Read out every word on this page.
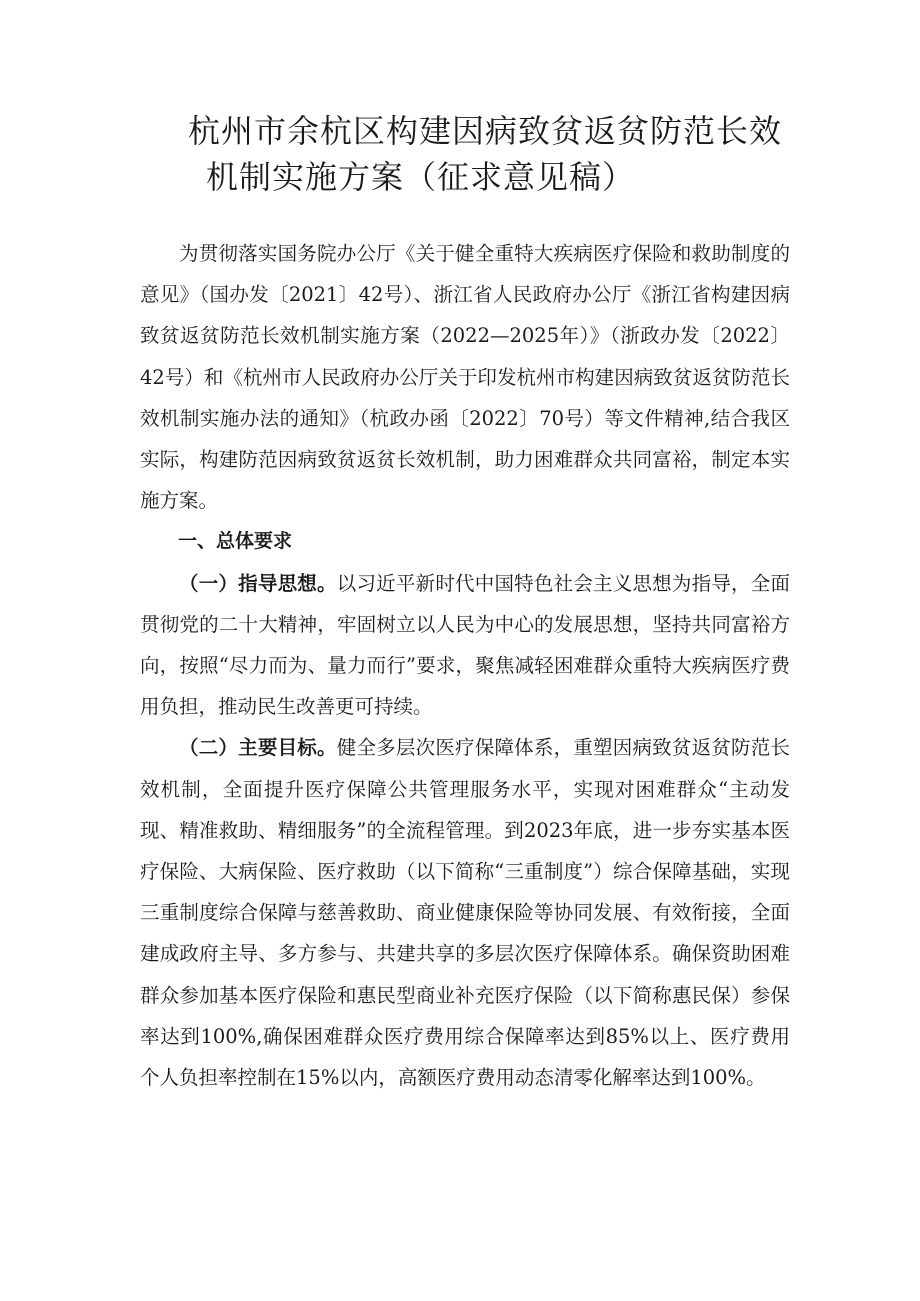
杭州市余杭区构建因病致贫返贫防范长效
机制实施方案（征求意见稿）

为贯彻落实国务院办公厅《关于健全重特大疾病医疗保险和救助制度的意见》（国办发〔2021〕42号）、浙江省人民政府办公厅《浙江省构建因病致贫返贫防范长效机制实施方案（2022—2025年）》（浙政办发〔2022〕42号）和《杭州市人民政府办公厅关于印发杭州市构建因病致贫返贫防范长效机制实施办法的通知》（杭政办函〔2022〕70号）等文件精神,结合我区实际，构建防范因病致贫返贫长效机制，助力困难群众共同富裕，制定本实施方案。

一、总体要求

（一）指导思想。以习近平新时代中国特色社会主义思想为指导，全面贯彻党的二十大精神，牢固树立以人民为中心的发展思想，坚持共同富裕方向，按照“尽力而为、量力而行”要求，聚焦减轻困难群众重特大疾病医疗费用负担，推动民生改善更可持续。

（二）主要目标。健全多层次医疗保障体系，重塑因病致贫返贫防范长效机制，全面提升医疗保障公共管理服务水平，实现对困难群众“主动发现、精准救助、精细服务”的全流程管理。到2023年底，进一步夯实基本医疗保险、大病保险、医疗救助（以下简称“三重制度”）综合保障基础，实现三重制度综合保障与慈善救助、商业健康保险等协同发展、有效衔接，全面建成政府主导、多方参与、共建共享的多层次医疗保障体系。确保资助困难群众参加基本医疗保险和惠民型商业补充医疗保险（以下简称惠民保）参保率达到100%,确保困难群众医疗费用综合保障率达到85%以上、医疗费用个人负担率控制在15%以内，高额医疗费用动态清零化解率达到100%。
